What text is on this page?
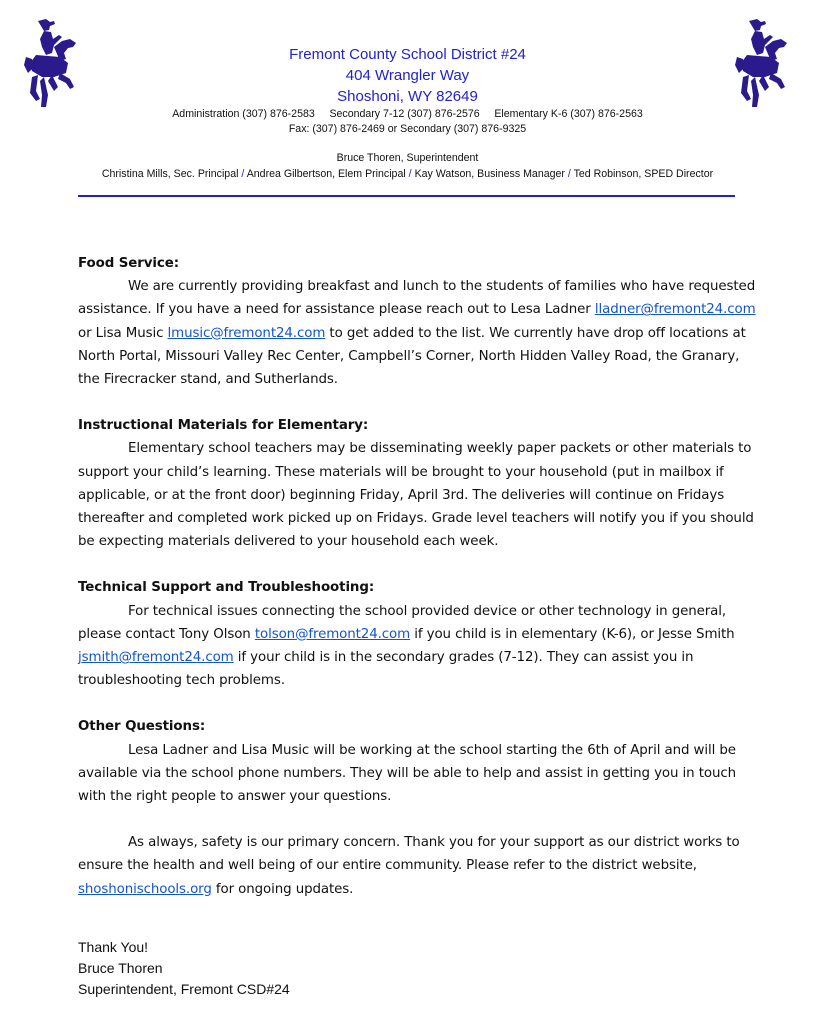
Fremont County School District #24
404 Wrangler Way
Shoshoni, WY 82649
Administration (307) 876-2583     Secondary 7-12 (307) 876-2576     Elementary K-6 (307) 876-2563
Fax: (307) 876-2469 or Secondary (307) 876-9325
Bruce Thoren, Superintendent
Christina Mills, Sec. Principal / Andrea Gilbertson, Elem Principal / Kay Watson, Business Manager / Ted Robinson, SPED Director
Food Service:

We are currently providing breakfast and lunch to the students of families who have requested assistance. If you have a need for assistance please reach out to Lesa Ladner lladner@fremont24.com or Lisa Music lmusic@fremont24.com to get added to the list. We currently have drop off locations at North Portal, Missouri Valley Rec Center, Campbell’s Corner, North Hidden Valley Road, the Granary, the Firecracker stand, and Sutherlands.

Instructional Materials for Elementary:

Elementary school teachers may be disseminating weekly paper packets or other materials to support your child’s learning. These materials will be brought to your household (put in mailbox if applicable, or at the front door) beginning Friday, April 3rd. The deliveries will continue on Fridays thereafter and completed work picked up on Fridays. Grade level teachers will notify you if you should be expecting materials delivered to your household each week.

Technical Support and Troubleshooting:

For technical issues connecting the school provided device or other technology in general, please contact Tony Olson tolson@fremont24.com if you child is in elementary (K-6), or Jesse Smith jsmith@fremont24.com if your child is in the secondary grades (7-12). They can assist you in troubleshooting tech problems.

Other Questions:

Lesa Ladner and Lisa Music will be working at the school starting the 6th of April and will be available via the school phone numbers. They will be able to help and assist in getting you in touch with the right people to answer your questions.

As always, safety is our primary concern. Thank you for your support as our district works to ensure the health and well being of our entire community. Please refer to the district website, shoshonischools.org for ongoing updates.

Thank You!
Bruce Thoren
Superintendent, Fremont CSD#24
